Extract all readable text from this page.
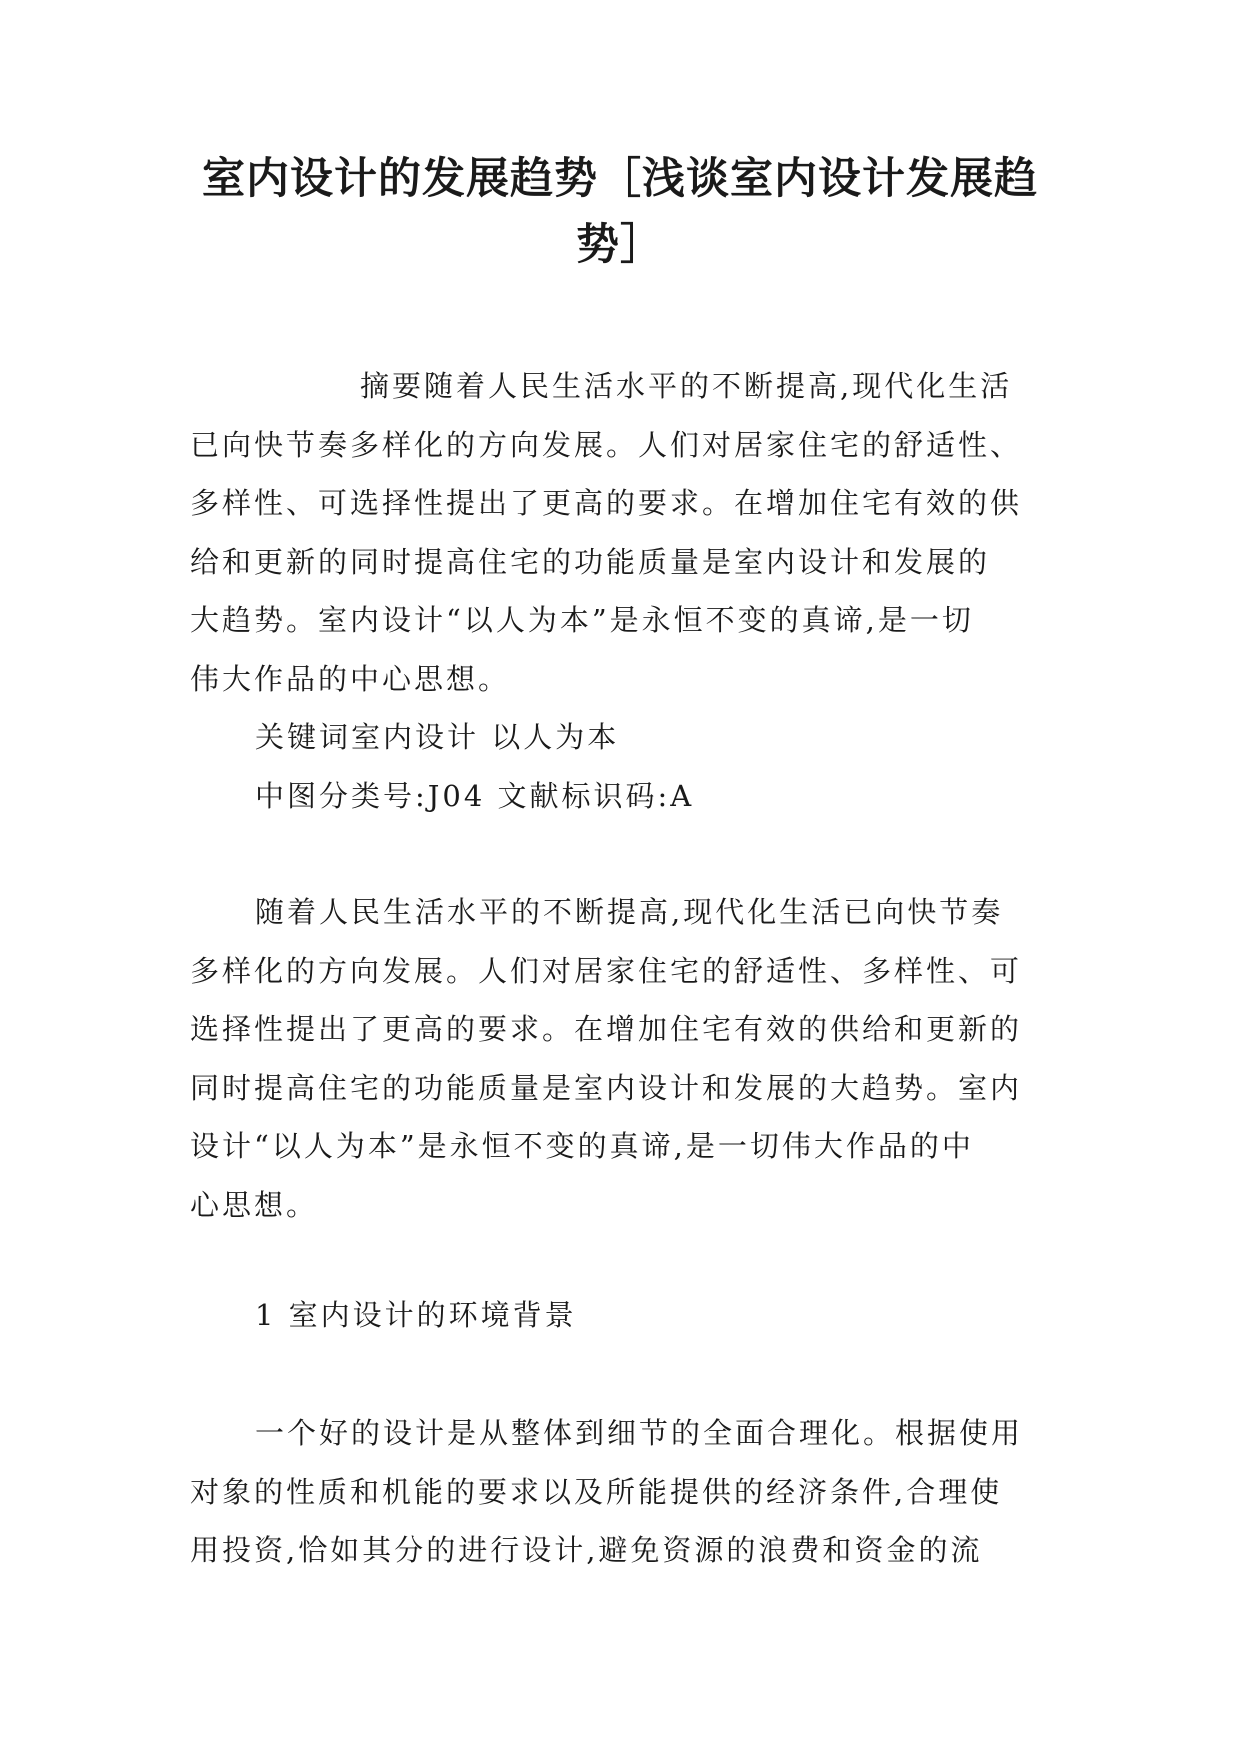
室内设计的发展趋势［浅谈室内设计发展趋
势］
摘要随着人民生活水平的不断提高,现代化生活
已向快节奏多样化的方向发展。人们对居家住宅的舒适性、
多样性、可选择性提出了更高的要求。在增加住宅有效的供
给和更新的同时提高住宅的功能质量是室内设计和发展的
大趋势。室内设计“以人为本”是永恒不变的真谛,是一切
伟大作品的中心思想。
关键词室内设计 以人为本
中图分类号:J04 文献标识码:A
随着人民生活水平的不断提高,现代化生活已向快节奏
多样化的方向发展。人们对居家住宅的舒适性、多样性、可
选择性提出了更高的要求。在增加住宅有效的供给和更新的
同时提高住宅的功能质量是室内设计和发展的大趋势。室内
设计“以人为本”是永恒不变的真谛,是一切伟大作品的中
心思想。
1 室内设计的环境背景
一个好的设计是从整体到细节的全面合理化。根据使用
对象的性质和机能的要求以及所能提供的经济条件,合理使
用投资,恰如其分的进行设计,避免资源的浪费和资金的流
